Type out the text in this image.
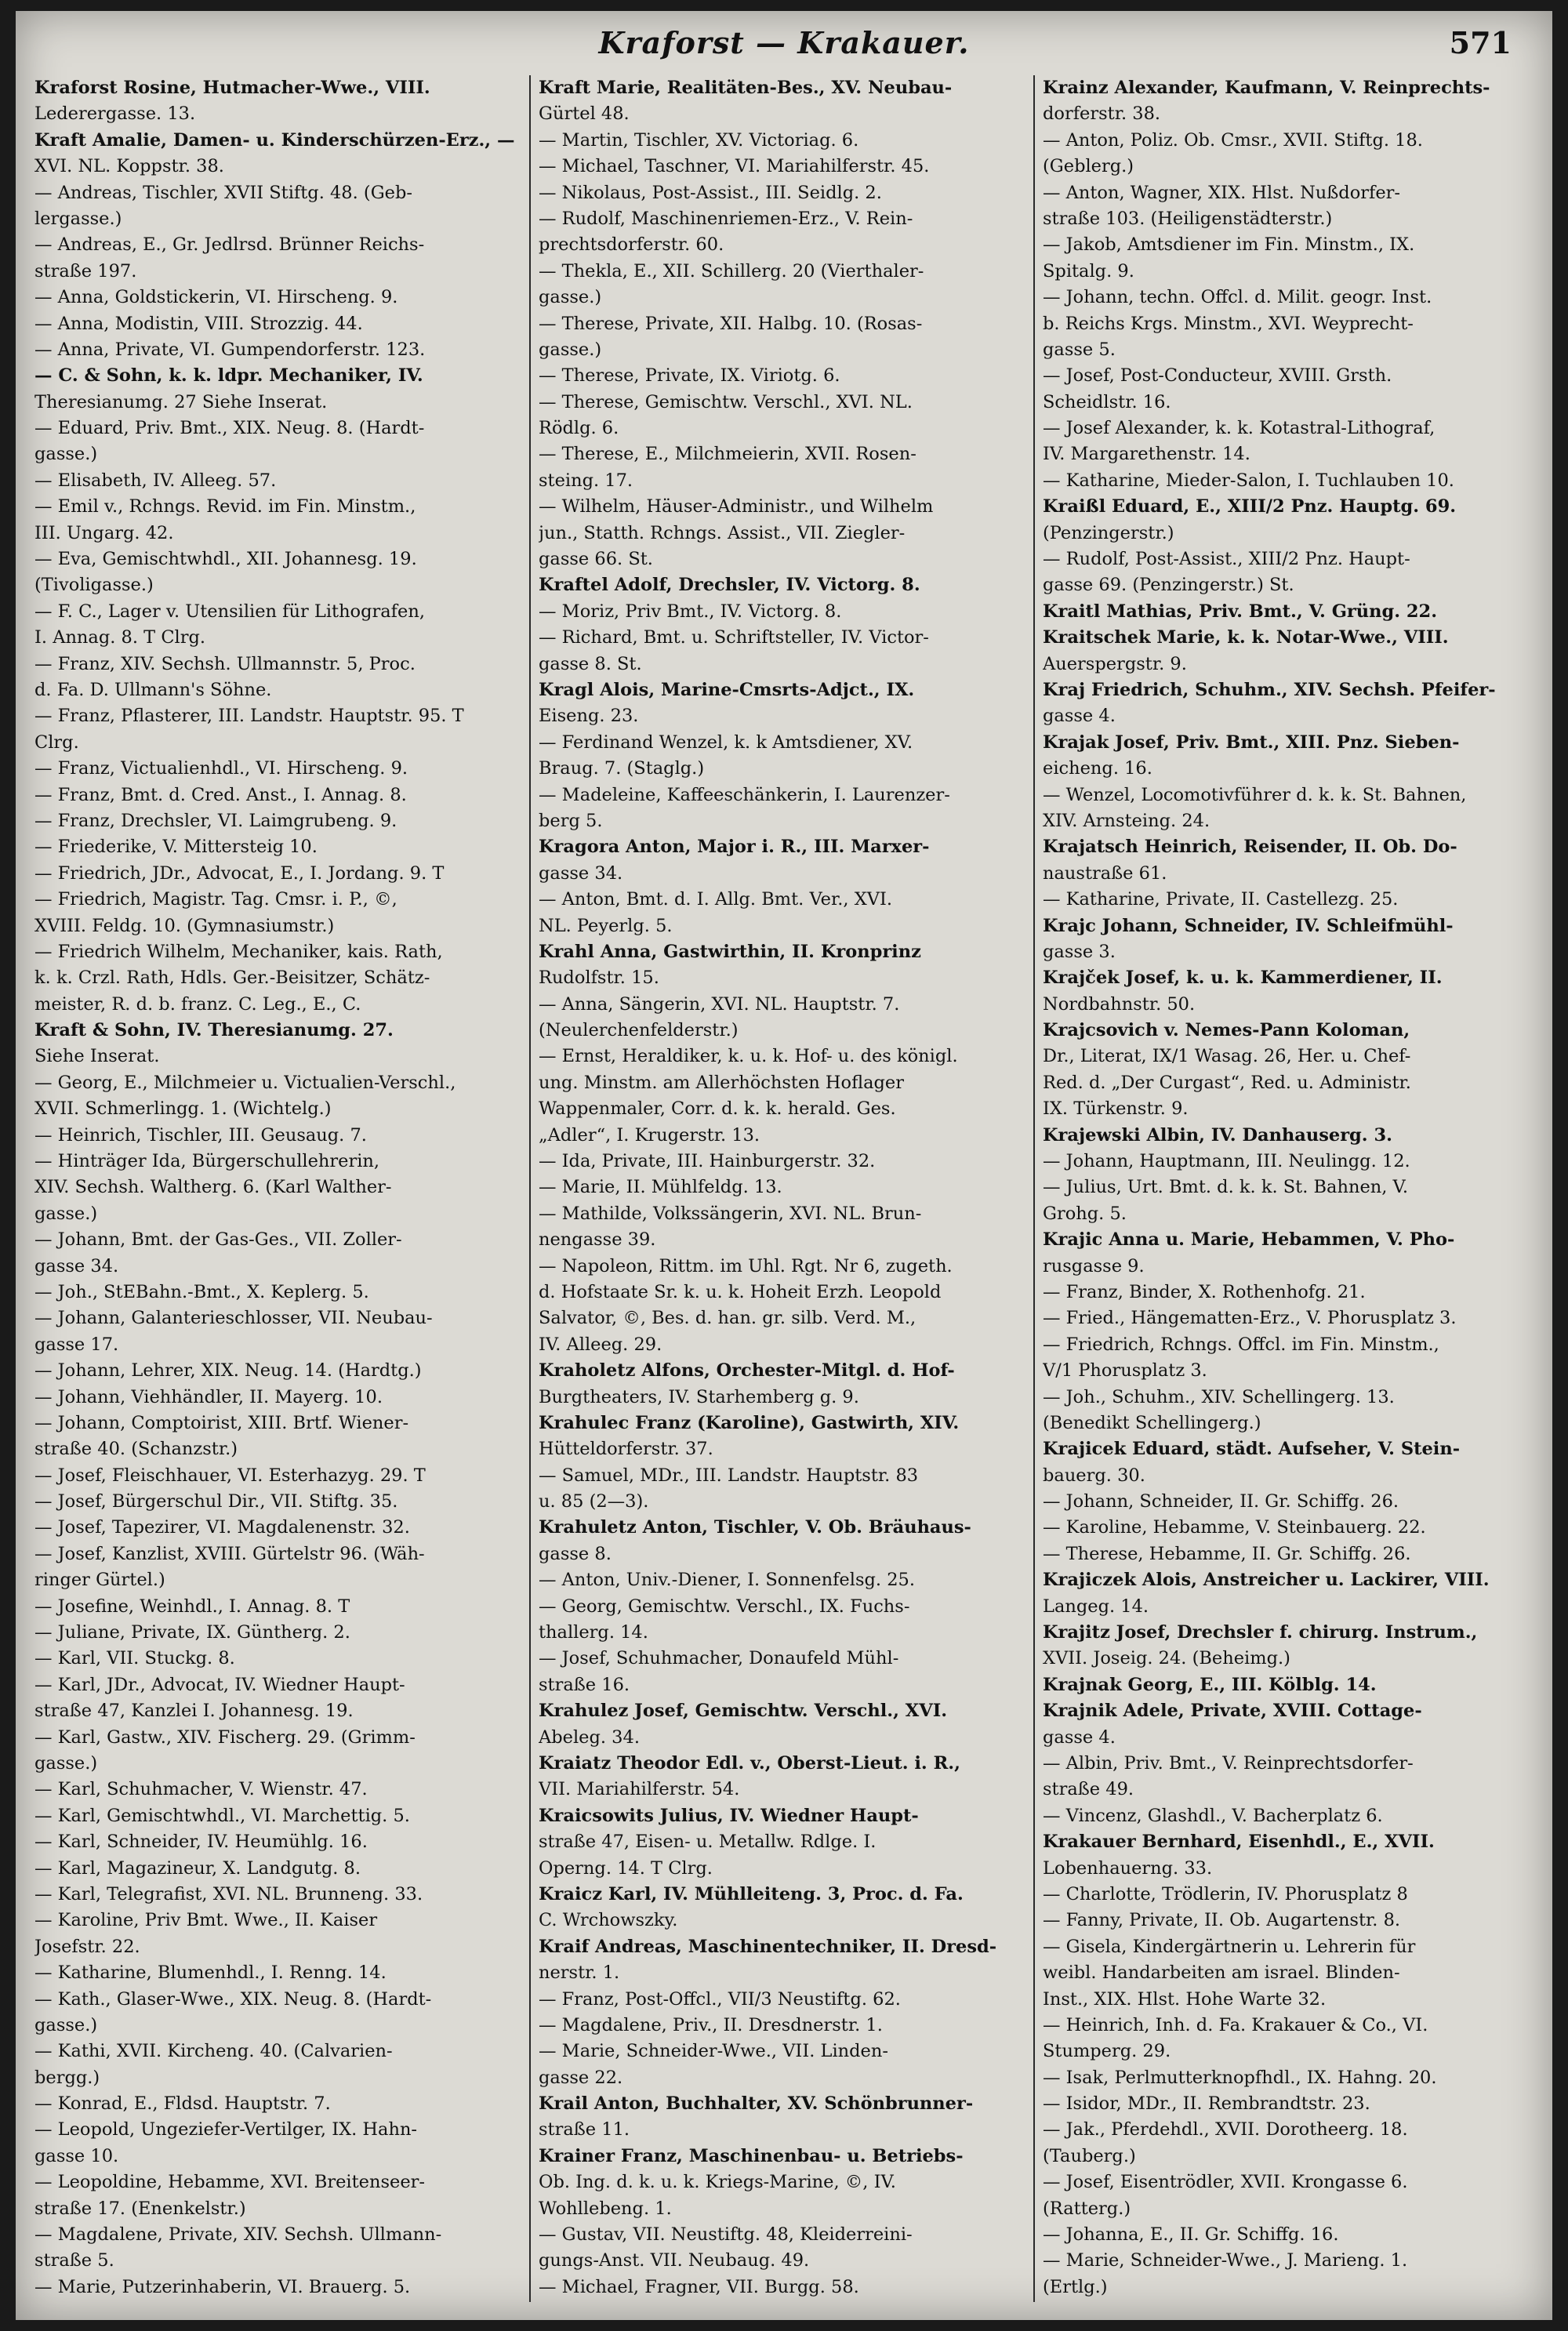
Kraforst — Krakauer.	571
Kraforst Rosine, Hutmacher-Wwe., VIII.
Lederergasse. 13.
Kraft Amalie, Damen- u. Kinderschürzen-Erz., —
XVI. NL. Koppstr. 38.
— Andreas, Tischler, XVII Stiftg. 48. (Geb-
lergasse.)
— Andreas, E., Gr. Jedlrsd. Brünner Reichs-
straße 197.
— Anna, Goldstickerin, VI. Hirscheng. 9.
— Anna, Modistin, VIII. Strozzig. 44.
— Anna, Private, VI. Gumpendorferstr. 123.
— C. & Sohn, k. k. ldpr. Mechaniker, IV.
Theresianumg. 27 Siehe Inserat.
— Eduard, Priv. Bmt., XIX. Neug. 8. (Hardt-
gasse.)
— Elisabeth, IV. Alleeg. 57.
— Emil v., Rchngs. Revid. im Fin. Minstm.,
III. Ungarg. 42.
— Eva, Gemischtwhdl., XII. Johannesg. 19.
(Tivoligasse.)
— F. C., Lager v. Utensilien für Lithografen,
I. Annag. 8. T Clrg.
— Franz, XIV. Sechsh. Ullmannstr. 5, Proc.
d. Fa. D. Ullmann's Söhne.
— Franz, Pflasterer, III. Landstr. Hauptstr. 95. T
Clrg.
— Franz, Victualienhdl., VI. Hirscheng. 9.
— Franz, Bmt. d. Cred. Anst., I. Annag. 8.
— Franz, Drechsler, VI. Laimgrubeng. 9.
— Friederike, V. Mittersteig 10.
— Friedrich, JDr., Advocat, E., I. Jordang. 9. T
— Friedrich, Magistr. Tag. Cmsr. i. P., ©,
XVIII. Feldg. 10. (Gymnasiumstr.)
— Friedrich Wilhelm, Mechaniker, kais. Rath,
k. k. Crzl. Rath, Hdls. Ger.-Beisitzer, Schätz-
meister, R. d. b. franz. C. Leg., E., C.
Kraft & Sohn, IV. Theresianumg. 27.
Siehe Inserat.
— Georg, E., Milchmeier u. Victualien-Verschl.,
XVII. Schmerlingg. 1. (Wichtelg.)
— Heinrich, Tischler, III. Geusaug. 7.
— Hinträger Ida, Bürgerschullehrerin,
XIV. Sechsh. Waltherg. 6. (Karl Walther-
gasse.)
— Johann, Bmt. der Gas-Ges., VII. Zoller-
gasse 34.
— Joh., StEBahn.-Bmt., X. Keplerg. 5.
— Johann, Galanterieschlosser, VII. Neubau-
gasse 17.
— Johann, Lehrer, XIX. Neug. 14. (Hardtg.)
— Johann, Viehhändler, II. Mayerg. 10.
— Johann, Comptoirist, XIII. Brtf. Wiener-
straße 40. (Schanzstr.)
— Josef, Fleischhauer, VI. Esterhazyg. 29. T
— Josef, Bürgerschul Dir., VII. Stiftg. 35.
— Josef, Tapezirer, VI. Magdalenenstr. 32.
— Josef, Kanzlist, XVIII. Gürtelstr 96. (Wäh-
ringer Gürtel.)
— Josefine, Weinhdl., I. Annag. 8. T
— Juliane, Private, IX. Güntherg. 2.
— Karl, VII. Stuckg. 8.
— Karl, JDr., Advocat, IV. Wiedner Haupt-
straße 47, Kanzlei I. Johannesg. 19.
— Karl, Gastw., XIV. Fischerg. 29. (Grimm-
gasse.)
— Karl, Schuhmacher, V. Wienstr. 47.
— Karl, Gemischtwhdl., VI. Marchettig. 5.
— Karl, Schneider, IV. Heumühlg. 16.
— Karl, Magazineur, X. Landgutg. 8.
— Karl, Telegrafist, XVI. NL. Brunneng. 33.
— Karoline, Priv Bmt. Wwe., II. Kaiser
Josefstr. 22.
— Katharine, Blumenhdl., I. Renng. 14.
— Kath., Glaser-Wwe., XIX. Neug. 8. (Hardt-
gasse.)
— Kathi, XVII. Kircheng. 40. (Calvarien-
bergg.)
— Konrad, E., Fldsd. Hauptstr. 7.
— Leopold, Ungeziefer-Vertilger, IX. Hahn-
gasse 10.
— Leopoldine, Hebamme, XVI. Breitenseer-
straße 17. (Enenkelstr.)
— Magdalene, Private, XIV. Sechsh. Ullmann-
straße 5.
— Marie, Putzerinhaberin, VI. Brauerg. 5.
Kraft Marie, Realitäten-Bes., XV. Neubau-
Gürtel 48.
— Martin, Tischler, XV. Victoriag. 6.
— Michael, Taschner, VI. Mariahilferstr. 45.
— Nikolaus, Post-Assist., III. Seidlg. 2.
— Rudolf, Maschinenriemen-Erz., V. Rein-
prechtsdorferstr. 60.
— Thekla, E., XII. Schillerg. 20 (Vierthaler-
gasse.)
— Therese, Private, XII. Halbg. 10. (Rosas-
gasse.)
— Therese, Private, IX. Viriotg. 6.
— Therese, Gemischtw. Verschl., XVI. NL.
Rödlg. 6.
— Therese, E., Milchmeierin, XVII. Rosen-
steing. 17.
— Wilhelm, Häuser-Administr., und Wilhelm
jun., Statth. Rchngs. Assist., VII. Ziegler-
gasse 66. St.
Kraftel Adolf, Drechsler, IV. Victorg. 8.
— Moriz, Priv Bmt., IV. Victorg. 8.
— Richard, Bmt. u. Schriftsteller, IV. Victor-
gasse 8. St.
Kragl Alois, Marine-Cmsrts-Adjct., IX.
Eiseng. 23.
— Ferdinand Wenzel, k. k Amtsdiener, XV.
Braug. 7. (Staglg.)
— Madeleine, Kaffeeschänkerin, I. Laurenzer-
berg 5.
Kragora Anton, Major i. R., III. Marxer-
gasse 34.
— Anton, Bmt. d. I. Allg. Bmt. Ver., XVI.
NL. Peyerlg. 5.
Krahl Anna, Gastwirthin, II. Kronprinz
Rudolfstr. 15.
— Anna, Sängerin, XVI. NL. Hauptstr. 7.
(Neulerchenfelderstr.)
— Ernst, Heraldiker, k. u. k. Hof- u. des königl.
ung. Minstm. am Allerhöchsten Hoflager
Wappenmaler, Corr. d. k. k. herald. Ges.
„Adler“, I. Krugerstr. 13.
— Ida, Private, III. Hainburgerstr. 32.
— Marie, II. Mühlfeldg. 13.
— Mathilde, Volkssängerin, XVI. NL. Brun-
nengasse 39.
— Napoleon, Rittm. im Uhl. Rgt. Nr 6, zugeth.
d. Hofstaate Sr. k. u. k. Hoheit Erzh. Leopold
Salvator, ©, Bes. d. han. gr. silb. Verd. M.,
IV. Alleeg. 29.
Kraholetz Alfons, Orchester-Mitgl. d. Hof-
Burgtheaters, IV. Starhemberg g. 9.
Krahulec Franz (Karoline), Gastwirth, XIV.
Hütteldorferstr. 37.
— Samuel, MDr., III. Landstr. Hauptstr. 83
u. 85 (2—3).
Krahuletz Anton, Tischler, V. Ob. Bräuhaus-
gasse 8.
— Anton, Univ.-Diener, I. Sonnenfelsg. 25.
— Georg, Gemischtw. Verschl., IX. Fuchs-
thallerg. 14.
— Josef, Schuhmacher, Donaufeld Mühl-
straße 16.
Krahulez Josef, Gemischtw. Verschl., XVI.
Abeleg. 34.
Kraiatz Theodor Edl. v., Oberst-Lieut. i. R.,
VII. Mariahilferstr. 54.
Kraicsowits Julius, IV. Wiedner Haupt-
straße 47, Eisen- u. Metallw. Rdlge. I.
Operng. 14. T Clrg.
Kraicz Karl, IV. Mühlleiteng. 3, Proc. d. Fa.
C. Wrchowszky.
Kraif Andreas, Maschinentechniker, II. Dresd-
nerstr. 1.
— Franz, Post-Offcl., VII/3 Neustiftg. 62.
— Magdalene, Priv., II. Dresdnerstr. 1.
— Marie, Schneider-Wwe., VII. Linden-
gasse 22.
Krail Anton, Buchhalter, XV. Schönbrunner-
straße 11.
Krainer Franz, Maschinenbau- u. Betriebs-
Ob. Ing. d. k. u. k. Kriegs-Marine, ©, IV.
Wohllebeng. 1.
— Gustav, VII. Neustiftg. 48, Kleiderreini-
gungs-Anst. VII. Neubaug. 49.
— Michael, Fragner, VII. Burgg. 58.
Krainz Alexander, Kaufmann, V. Reinprechts-
dorferstr. 38.
— Anton, Poliz. Ob. Cmsr., XVII. Stiftg. 18.
(Geblerg.)
— Anton, Wagner, XIX. Hlst. Nußdorfer-
straße 103. (Heiligenstädterstr.)
— Jakob, Amtsdiener im Fin. Minstm., IX.
Spitalg. 9.
— Johann, techn. Offcl. d. Milit. geogr. Inst.
b. Reichs Krgs. Minstm., XVI. Weyprecht-
gasse 5.
— Josef, Post-Conducteur, XVIII. Grsth.
Scheidlstr. 16.
— Josef Alexander, k. k. Kotastral-Lithograf,
IV. Margarethenstr. 14.
— Katharine, Mieder-Salon, I. Tuchlauben 10.
Kraißl Eduard, E., XIII/2 Pnz. Hauptg. 69.
(Penzingerstr.)
— Rudolf, Post-Assist., XIII/2 Pnz. Haupt-
gasse 69. (Penzingerstr.) St.
Kraitl Mathias, Priv. Bmt., V. Grüng. 22.
Kraitschek Marie, k. k. Notar-Wwe., VIII.
Auerspergstr. 9.
Kraj Friedrich, Schuhm., XIV. Sechsh. Pfeifer-
gasse 4.
Krajak Josef, Priv. Bmt., XIII. Pnz. Sieben-
eicheng. 16.
— Wenzel, Locomotivführer d. k. k. St. Bahnen,
XIV. Arnsteing. 24.
Krajatsch Heinrich, Reisender, II. Ob. Do-
naustraße 61.
— Katharine, Private, II. Castellezg. 25.
Krajc Johann, Schneider, IV. Schleifmühl-
gasse 3.
Krajček Josef, k. u. k. Kammerdiener, II.
Nordbahnstr. 50.
Krajcsovich v. Nemes-Pann Koloman,
Dr., Literat, IX/1 Wasag. 26, Her. u. Chef-
Red. d. „Der Curgast“, Red. u. Administr.
IX. Türkenstr. 9.
Krajewski Albin, IV. Danhauserg. 3.
— Johann, Hauptmann, III. Neulingg. 12.
— Julius, Urt. Bmt. d. k. k. St. Bahnen, V.
Grohg. 5.
Krajic Anna u. Marie, Hebammen, V. Pho-
rusgasse 9.
— Franz, Binder, X. Rothenhofg. 21.
— Fried., Hängematten-Erz., V. Phorusplatz 3.
— Friedrich, Rchngs. Offcl. im Fin. Minstm.,
V/1 Phorusplatz 3.
— Joh., Schuhm., XIV. Schellingerg. 13.
(Benedikt Schellingerg.)
Krajicek Eduard, städt. Aufseher, V. Stein-
bauerg. 30.
— Johann, Schneider, II. Gr. Schiffg. 26.
— Karoline, Hebamme, V. Steinbauerg. 22.
— Therese, Hebamme, II. Gr. Schiffg. 26.
Krajiczek Alois, Anstreicher u. Lackirer, VIII.
Langeg. 14.
Krajitz Josef, Drechsler f. chirurg. Instrum.,
XVII. Joseig. 24. (Beheimg.)
Krajnak Georg, E., III. Kölblg. 14.
Krajnik Adele, Private, XVIII. Cottage-
gasse 4.
— Albin, Priv. Bmt., V. Reinprechtsdorfer-
straße 49.
— Vincenz, Glashdl., V. Bacherplatz 6.
Krakauer Bernhard, Eisenhdl., E., XVII.
Lobenhauerng. 33.
— Charlotte, Trödlerin, IV. Phorusplatz 8
— Fanny, Private, II. Ob. Augartenstr. 8.
— Gisela, Kindergärtnerin u. Lehrerin für
weibl. Handarbeiten am israel. Blinden-
Inst., XIX. Hlst. Hohe Warte 32.
— Heinrich, Inh. d. Fa. Krakauer & Co., VI.
Stumperg. 29.
— Isak, Perlmutterknopfhdl., IX. Hahng. 20.
— Isidor, MDr., II. Rembrandtstr. 23.
— Jak., Pferdehdl., XVII. Dorotheerg. 18.
(Tauberg.)
— Josef, Eisentrödler, XVII. Krongasse 6.
(Ratterg.)
— Johanna, E., II. Gr. Schiffg. 16.
— Marie, Schneider-Wwe., J. Marieng. 1.
(Ertlg.)
